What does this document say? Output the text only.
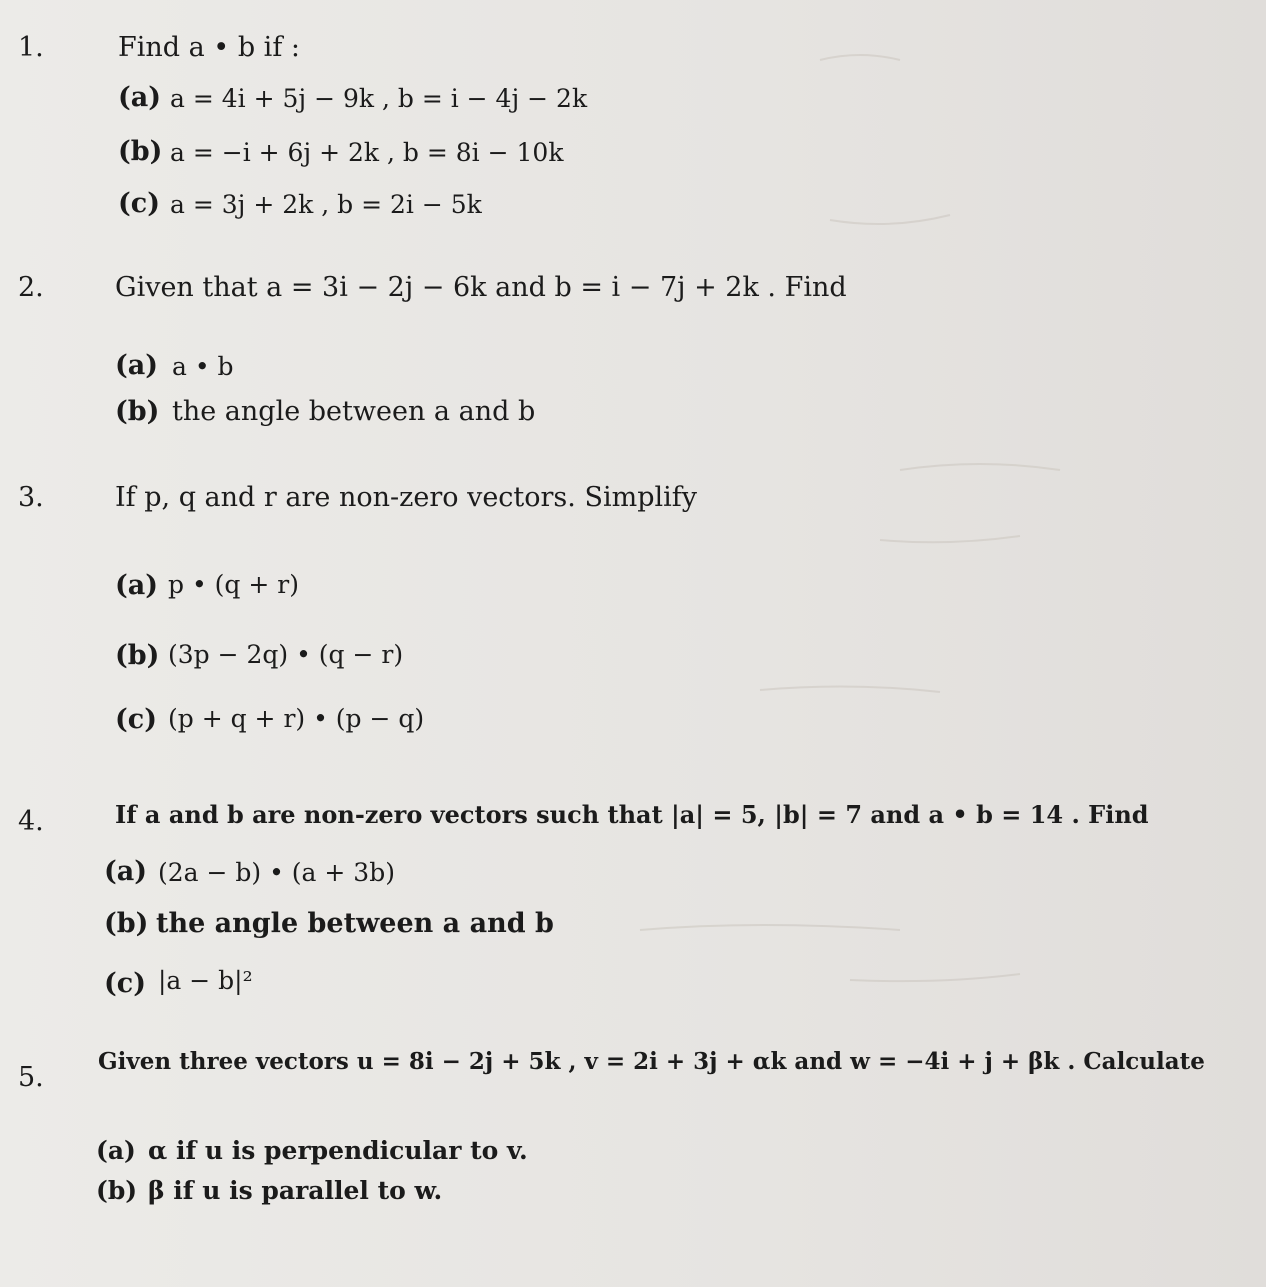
1.	Find a • b if :
(a) a = 4i + 5j − 9k , b = i − 4j − 2k
(b) a = −i + 6j + 2k , b = 8i − 10k
(c) a = 3j + 2k , b = 2i − 5k
2.	Given that a = 3i − 2j − 6k and b = i − 7j + 2k . Find
(a) a • b
(b) the angle between a and b
3.	If p, q and r are non-zero vectors. Simplify
(a) p • (q + r)
(b) (3p − 2q) • (q − r)
(c) (p + q + r) • (p − q)
4.	If a and b are non-zero vectors such that |a| = 5, |b| = 7 and a • b = 14 . Find
(a) (2a − b) • (a + 3b)
(b) the angle between a and b
(c) |a − b|²
5.
Given three vectors u = 8i − 2j + 5k , v = 2i + 3j + αk and w = −4i + j + βk . Calculate
(a) α if u is perpendicular to v.
(b) β if u is parallel to w.
